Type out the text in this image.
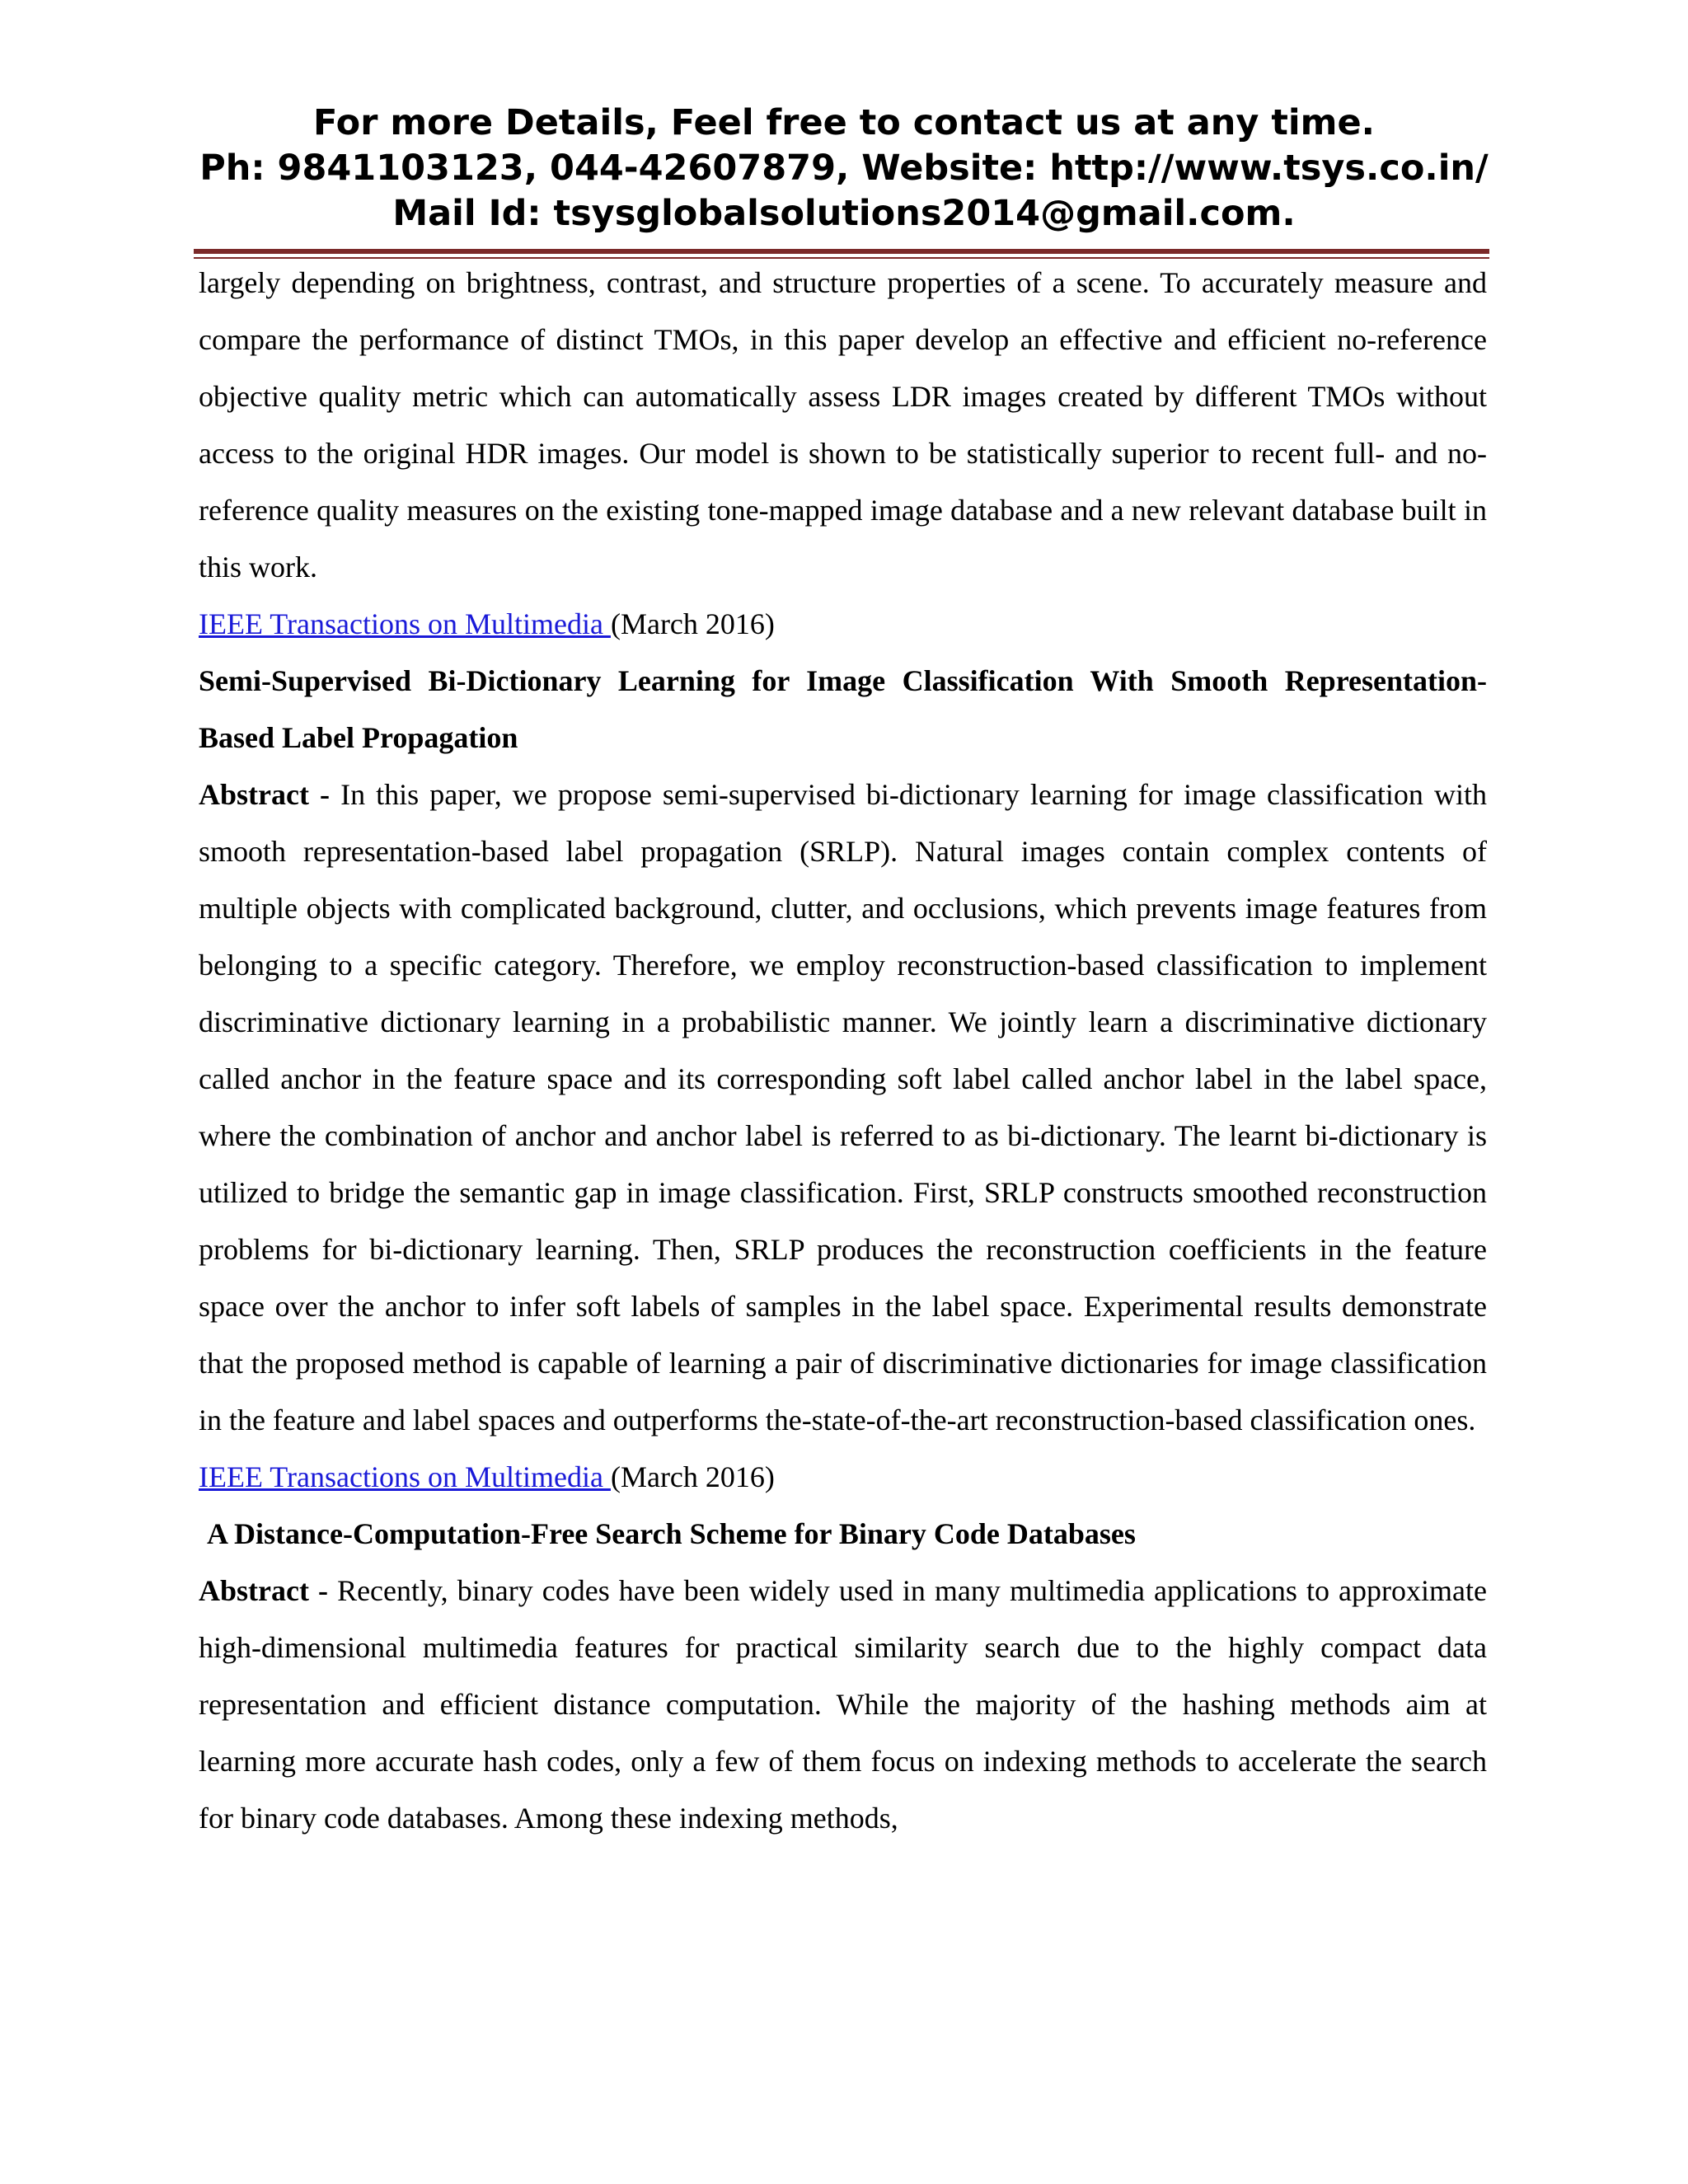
For more Details, Feel free to contact us at any time.
Ph: 9841103123, 044-42607879, Website: http://www.tsys.co.in/
Mail Id: tsysglobalsolutions2014@gmail.com.

largely depending on brightness, contrast, and structure properties of a scene. To accurately measure and compare the performance of distinct TMOs, in this paper develop an effective and efficient no-reference objective quality metric which can automatically assess LDR images created by different TMOs without access to the original HDR images. Our model is shown to be statistically superior to recent full- and no-reference quality measures on the existing tone-mapped image database and a new relevant database built in this work.

IEEE Transactions on Multimedia (March 2016)

Semi-Supervised Bi-Dictionary Learning for Image Classification With Smooth Representation-Based Label Propagation

Abstract - In this paper, we propose semi-supervised bi-dictionary learning for image classification with smooth representation-based label propagation (SRLP). Natural images contain complex contents of multiple objects with complicated background, clutter, and occlusions, which prevents image features from belonging to a specific category. Therefore, we employ reconstruction-based classification to implement discriminative dictionary learning in a probabilistic manner. We jointly learn a discriminative dictionary called anchor in the feature space and its corresponding soft label called anchor label in the label space, where the combination of anchor and anchor label is referred to as bi-dictionary. The learnt bi-dictionary is utilized to bridge the semantic gap in image classification. First, SRLP constructs smoothed reconstruction problems for bi-dictionary learning. Then, SRLP produces the reconstruction coefficients in the feature space over the anchor to infer soft labels of samples in the label space. Experimental results demonstrate that the proposed method is capable of learning a pair of discriminative dictionaries for image classification in the feature and label spaces and outperforms the-state-of-the-art reconstruction-based classification ones.

IEEE Transactions on Multimedia (March 2016)

A Distance-Computation-Free Search Scheme for Binary Code Databases

Abstract - Recently, binary codes have been widely used in many multimedia applications to approximate high-dimensional multimedia features for practical similarity search due to the highly compact data representation and efficient distance computation. While the majority of the hashing methods aim at learning more accurate hash codes, only a few of them focus on indexing methods to accelerate the search for binary code databases. Among these indexing methods,
